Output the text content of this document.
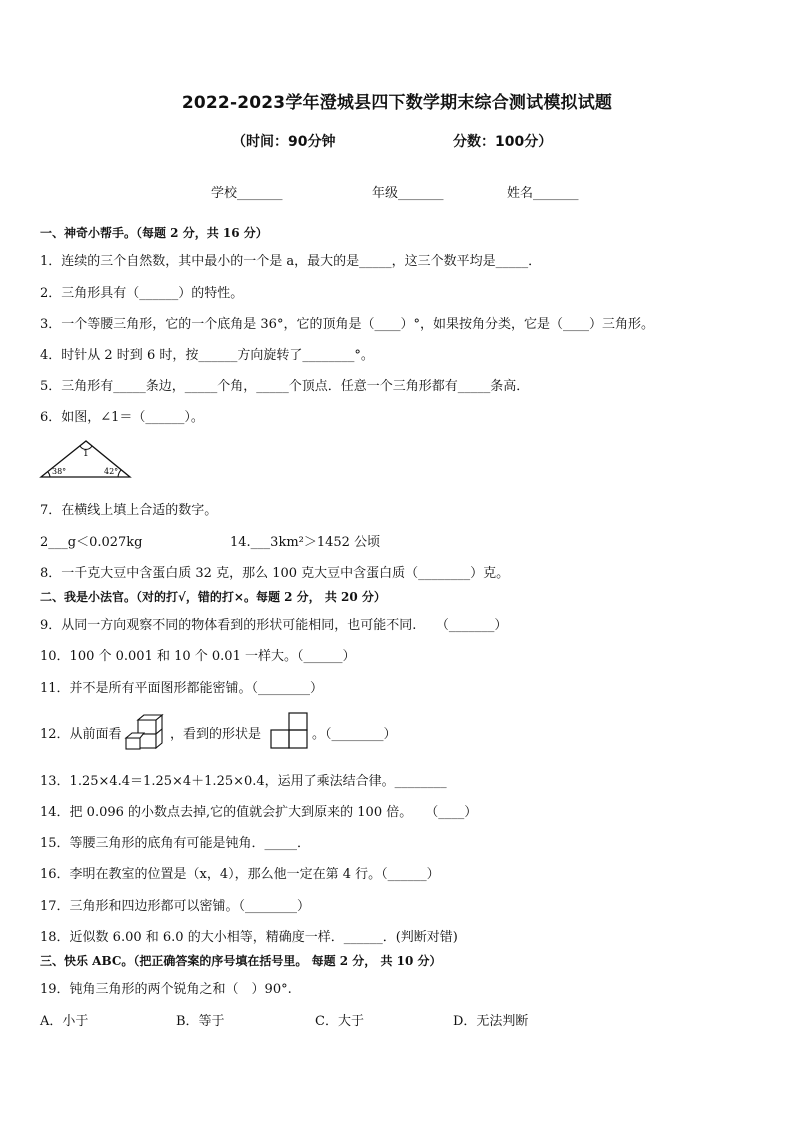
2022-2023学年澄城县四下数学期末综合测试模拟试题
（时间：90分钟	分数：100分）
学校_______	年级_______	姓名_______
一、神奇小帮手。（每题 2 分，共 16 分）
1．连续的三个自然数，其中最小的一个是 a，最大的是_____，这三个数平均是_____．
2．三角形具有（______）的特性。
3．一个等腰三角形，它的一个底角是 36°，它的顶角是（____）°，如果按角分类，它是（____）三角形。
4．时针从 2 时到 6 时，按______方向旋转了________°。
5．三角形有_____条边，_____个角，_____个顶点．任意一个三角形都有_____条高．
6．如图，∠1＝（______）。
1
38°	42°
7．在横线上填上合适的数字。
2___g＜0.027kg	14.___3km²＞1452 公顷
8．一千克大豆中含蛋白质 32 克，那么 100 克大豆中含蛋白质（________）克。
二、我是小法官。（对的打√，错的打×。每题 2 分， 共 20 分）
9．从同一方向观察不同的物体看到的形状可能相同，也可能不同.　　（_______）
10．100 个 0.001 和 10 个 0.01 一样大。（______）
11．并不是所有平面图形都能密铺。（________）
12．从前面看	，看到的形状是	。（________）
13．1.25×4.4＝1.25×4＋1.25×0.4，运用了乘法结合律。________
14．把 0.096 的小数点去掉,它的值就会扩大到原来的 100 倍。　　（____）
15．等腰三角形的底角有可能是钝角．_____．
16．李明在教室的位置是（x，4），那么他一定在第 4 行。（______）
17．三角形和四边形都可以密铺。（________）
18．近似数 6.00 和 6.0 的大小相等，精确度一样．______．(判断对错)
三、快乐 ABC。（把正确答案的序号填在括号里。 每题 2 分， 共 10 分）
19．钝角三角形的两个锐角之和（　）90°.
A．小于	B．等于	C．大于	D．无法判断
